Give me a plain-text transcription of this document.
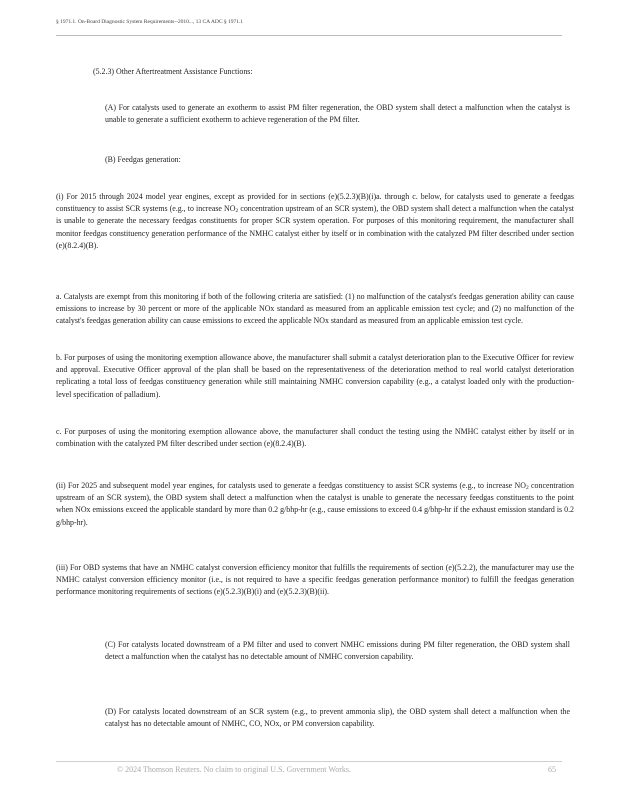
§ 1971.1. On-Board Diagnostic System Requirements--2010..., 13 CA ADC § 1971.1

(5.2.3) Other Aftertreatment Assistance Functions:

(A) For catalysts used to generate an exotherm to assist PM filter regeneration, the OBD system shall detect a malfunction when the catalyst is unable to generate a sufficient exotherm to achieve regeneration of the PM filter.

(B) Feedgas generation:

(i) For 2015 through 2024 model year engines, except as provided for in sections (e)(5.2.3)(B)(i)a. through c. below, for catalysts used to generate a feedgas constituency to assist SCR systems (e.g., to increase $NO_2$ concentration upstream of an SCR system), the OBD system shall detect a malfunction when the catalyst is unable to generate the necessary feedgas constituents for proper SCR system operation. For purposes of this monitoring requirement, the manufacturer shall monitor feedgas constituency generation performance of the NMHC catalyst either by itself or in combination with the catalyzed PM filter described under section (e)(8.2.4)(B).

a. Catalysts are exempt from this monitoring if both of the following criteria are satisfied: (1) no malfunction of the catalyst's feedgas generation ability can cause emissions to increase by 30 percent or more of the applicable NOx standard as measured from an applicable emission test cycle; and (2) no malfunction of the catalyst's feedgas generation ability can cause emissions to exceed the applicable NOx standard as measured from an applicable emission test cycle.

b. For purposes of using the monitoring exemption allowance above, the manufacturer shall submit a catalyst deterioration plan to the Executive Officer for review and approval. Executive Officer approval of the plan shall be based on the representativeness of the deterioration method to real world catalyst deterioration replicating a total loss of feedgas constituency generation while still maintaining NMHC conversion capability (e.g., a catalyst loaded only with the production-level specification of palladium).

c. For purposes of using the monitoring exemption allowance above, the manufacturer shall conduct the testing using the NMHC catalyst either by itself or in combination with the catalyzed PM filter described under section (e)(8.2.4)(B).

(ii) For 2025 and subsequent model year engines, for catalysts used to generate a feedgas constituency to assist SCR systems (e.g., to increase $NO_2$ concentration upstream of an SCR system), the OBD system shall detect a malfunction when the catalyst is unable to generate the necessary feedgas constituents to the point when NOx emissions exceed the applicable standard by more than 0.2 g/bhp-hr (e.g., cause emissions to exceed 0.4 g/bhp-hr if the exhaust emission standard is 0.2 g/bhp-hr).

(iii) For OBD systems that have an NMHC catalyst conversion efficiency monitor that fulfills the requirements of section (e)(5.2.2), the manufacturer may use the NMHC catalyst conversion efficiency monitor (i.e., is not required to have a specific feedgas generation performance monitor) to fulfill the feedgas generation performance monitoring requirements of sections (e)(5.2.3)(B)(i) and (e)(5.2.3)(B)(ii).

(C) For catalysts located downstream of a PM filter and used to convert NMHC emissions during PM filter regeneration, the OBD system shall detect a malfunction when the catalyst has no detectable amount of NMHC conversion capability.

(D) For catalysts located downstream of an SCR system (e.g., to prevent ammonia slip), the OBD system shall detect a malfunction when the catalyst has no detectable amount of NMHC, CO, NOx, or PM conversion capability.

© 2024 Thomson Reuters. No claim to original U.S. Government Works.	65
